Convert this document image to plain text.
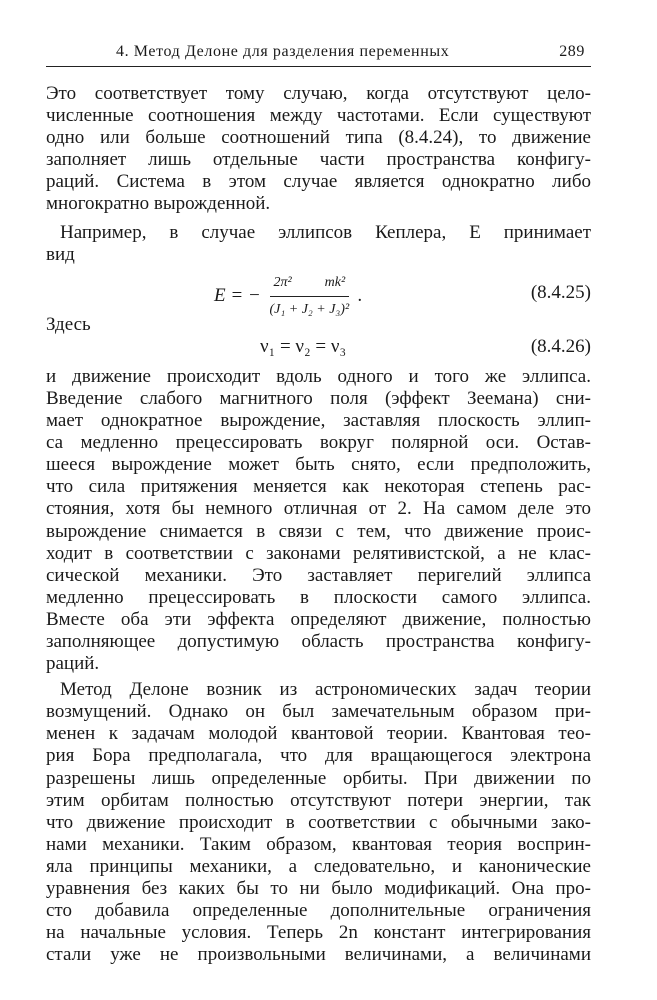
4. Метод Делоне для разделения переменных	289
Это соответствует тому случаю, когда отсутствуют цело-
численные соотношения между частотами. Если существуют
одно или больше соотношений типа (8.4.24), то движение
заполняет лишь отдельные части пространства конфигу-
раций. Система в этом случае является однократно либо
многократно вырожденной.
Например, в случае эллипсов Кеплера, E принимает
вид
E = − $\frac{\text{2π² mk²}}{\text{(J₁ + J₂ + J₃)²}}$ .	(8.4.25)
Здесь
ν₁ = ν₂ = ν₃	(8.4.26)
и движение происходит вдоль одного и того же эллипса.
Введение слабого магнитного поля (эффект Зеемана) сни-
мает однократное вырождение, заставляя плоскость эллип-
са медленно прецессировать вокруг полярной оси. Остав-
шееся вырождение может быть снято, если предположить,
что сила притяжения меняется как некоторая степень рас-
стояния, хотя бы немного отличная от 2. На самом деле это
вырождение снимается в связи с тем, что движение проис-
ходит в соответствии с законами релятивистской, а не клас-
сической механики. Это заставляет перигелий эллипса
медленно прецессировать в плоскости самого эллипса.
Вместе оба эти эффекта определяют движение, полностью
заполняющее допустимую область пространства конфигу-
раций.
Метод Делоне возник из астрономических задач теории
возмущений. Однако он был замечательным образом при-
менен к задачам молодой квантовой теории. Квантовая тео-
рия Бора предполагала, что для вращающегося электрона
разрешены лишь определенные орбиты. При движении по
этим орбитам полностью отсутствуют потери энергии, так
что движение происходит в соответствии с обычными зако-
нами механики. Таким образом, квантовая теория восприн-
яла принципы механики, а следовательно, и канонические
уравнения без каких бы то ни было модификаций. Она про-
сто добавила определенные дополнительные ограничения
на начальные условия. Теперь 2n констант интегрирования
стали уже не произвольными величинами, а величинами
